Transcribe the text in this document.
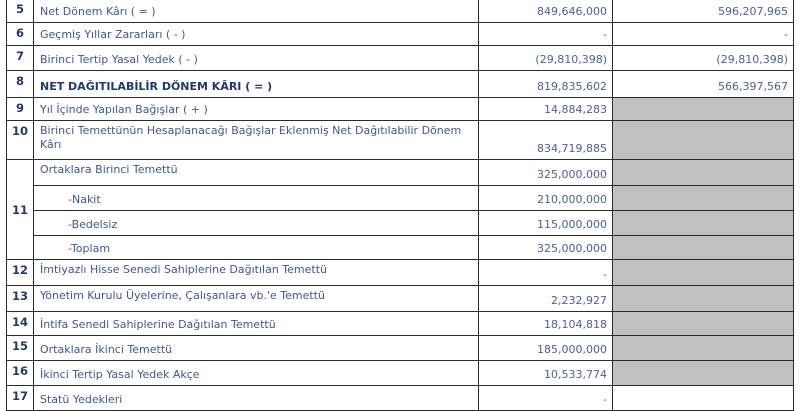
5	Net Dönem Kârı ( = )	849,646,000	596,207,965
6	Geçmiş Yıllar Zararları ( - )	-	-
7	Birinci Tertip Yasal Yedek ( - )	(29,810,398)	(29,810,398)
8	NET DAĞITILABİLİR DÖNEM KÂRI ( = )	819,835,602	566,397,567
9	Yıl İçinde Yapılan Bağışlar ( + )	14,884,283	
10	Birinci Temettünün Hesaplanacağı Bağışlar Eklenmiş Net Dağıtılabilir Dönem Kârı	834,719,885	
11	Ortaklara Birinci Temettü	325,000,000	
	-Nakit	210,000,000	
	-Bedelsiz	115,000,000	
	-Toplam	325,000,000	
12	İmtiyazlı Hisse Senedi Sahiplerine Dağıtılan Temettü	-	
13	Yönetim Kurulu Üyelerine, Çalışanlara vb.'e Temettü	2,232,927	
14	İntifa Senedi Sahiplerine Dağıtılan Temettü	18,104,818	
15	Ortaklara İkinci Temettü	185,000,000	
16	İkinci Tertip Yasal Yedek Akçe	10,533,774	
17	Statü Yedekleri	-	
